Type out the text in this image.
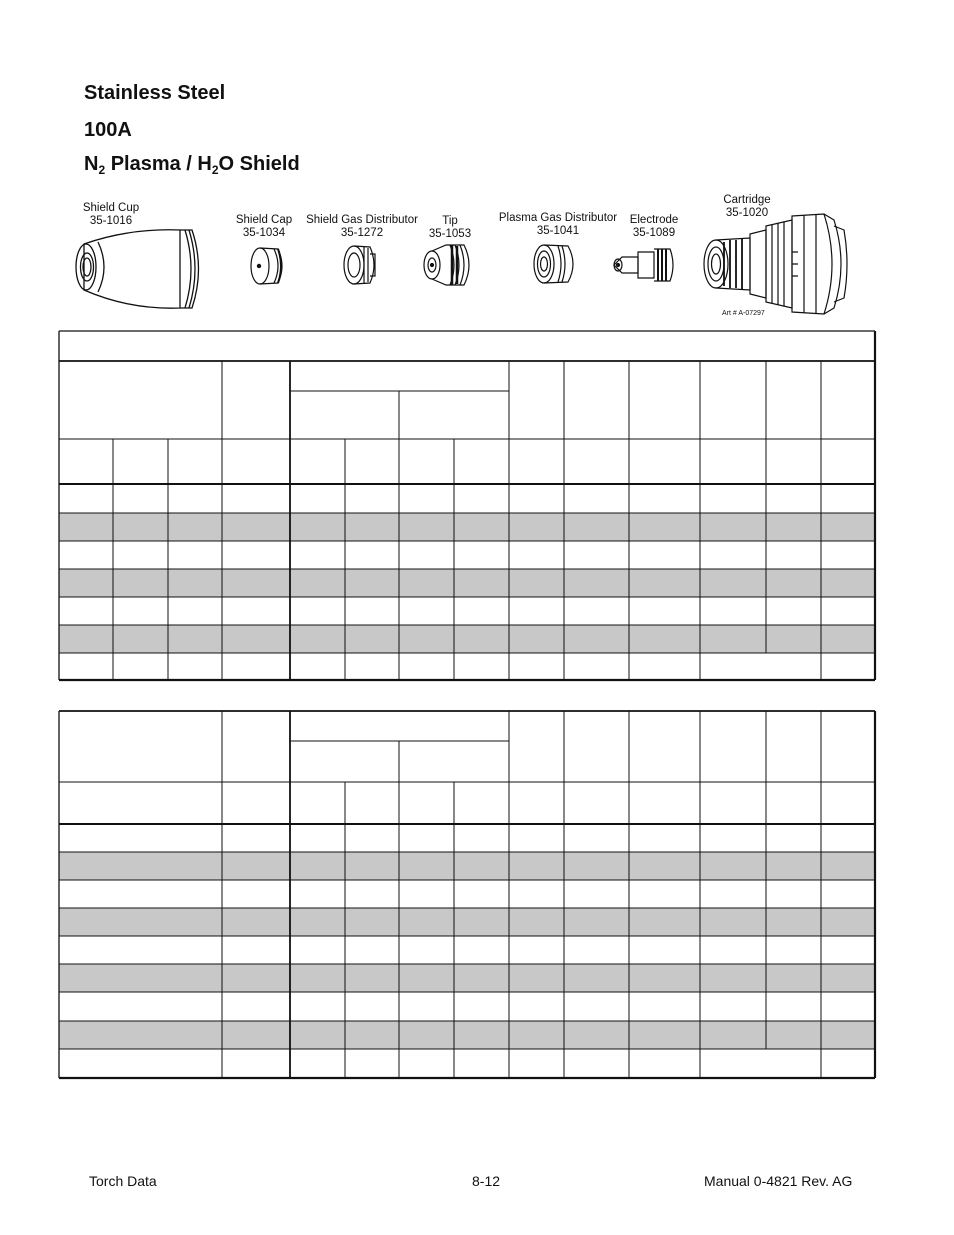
Stainless Steel
100A
$N_2$ Plasma / $H_2O$ Shield
Shield Cup
35-1016	Shield Cap
35-1034
Shield Gas Distributor
35-1272
Tip
35-1053
Plasma Gas Distributor
35-1041
Electrode
35-1089
Cartridge
35-1020
Art # A-07297
Torch Data	8-12	Manual 0-4821 Rev. AG
